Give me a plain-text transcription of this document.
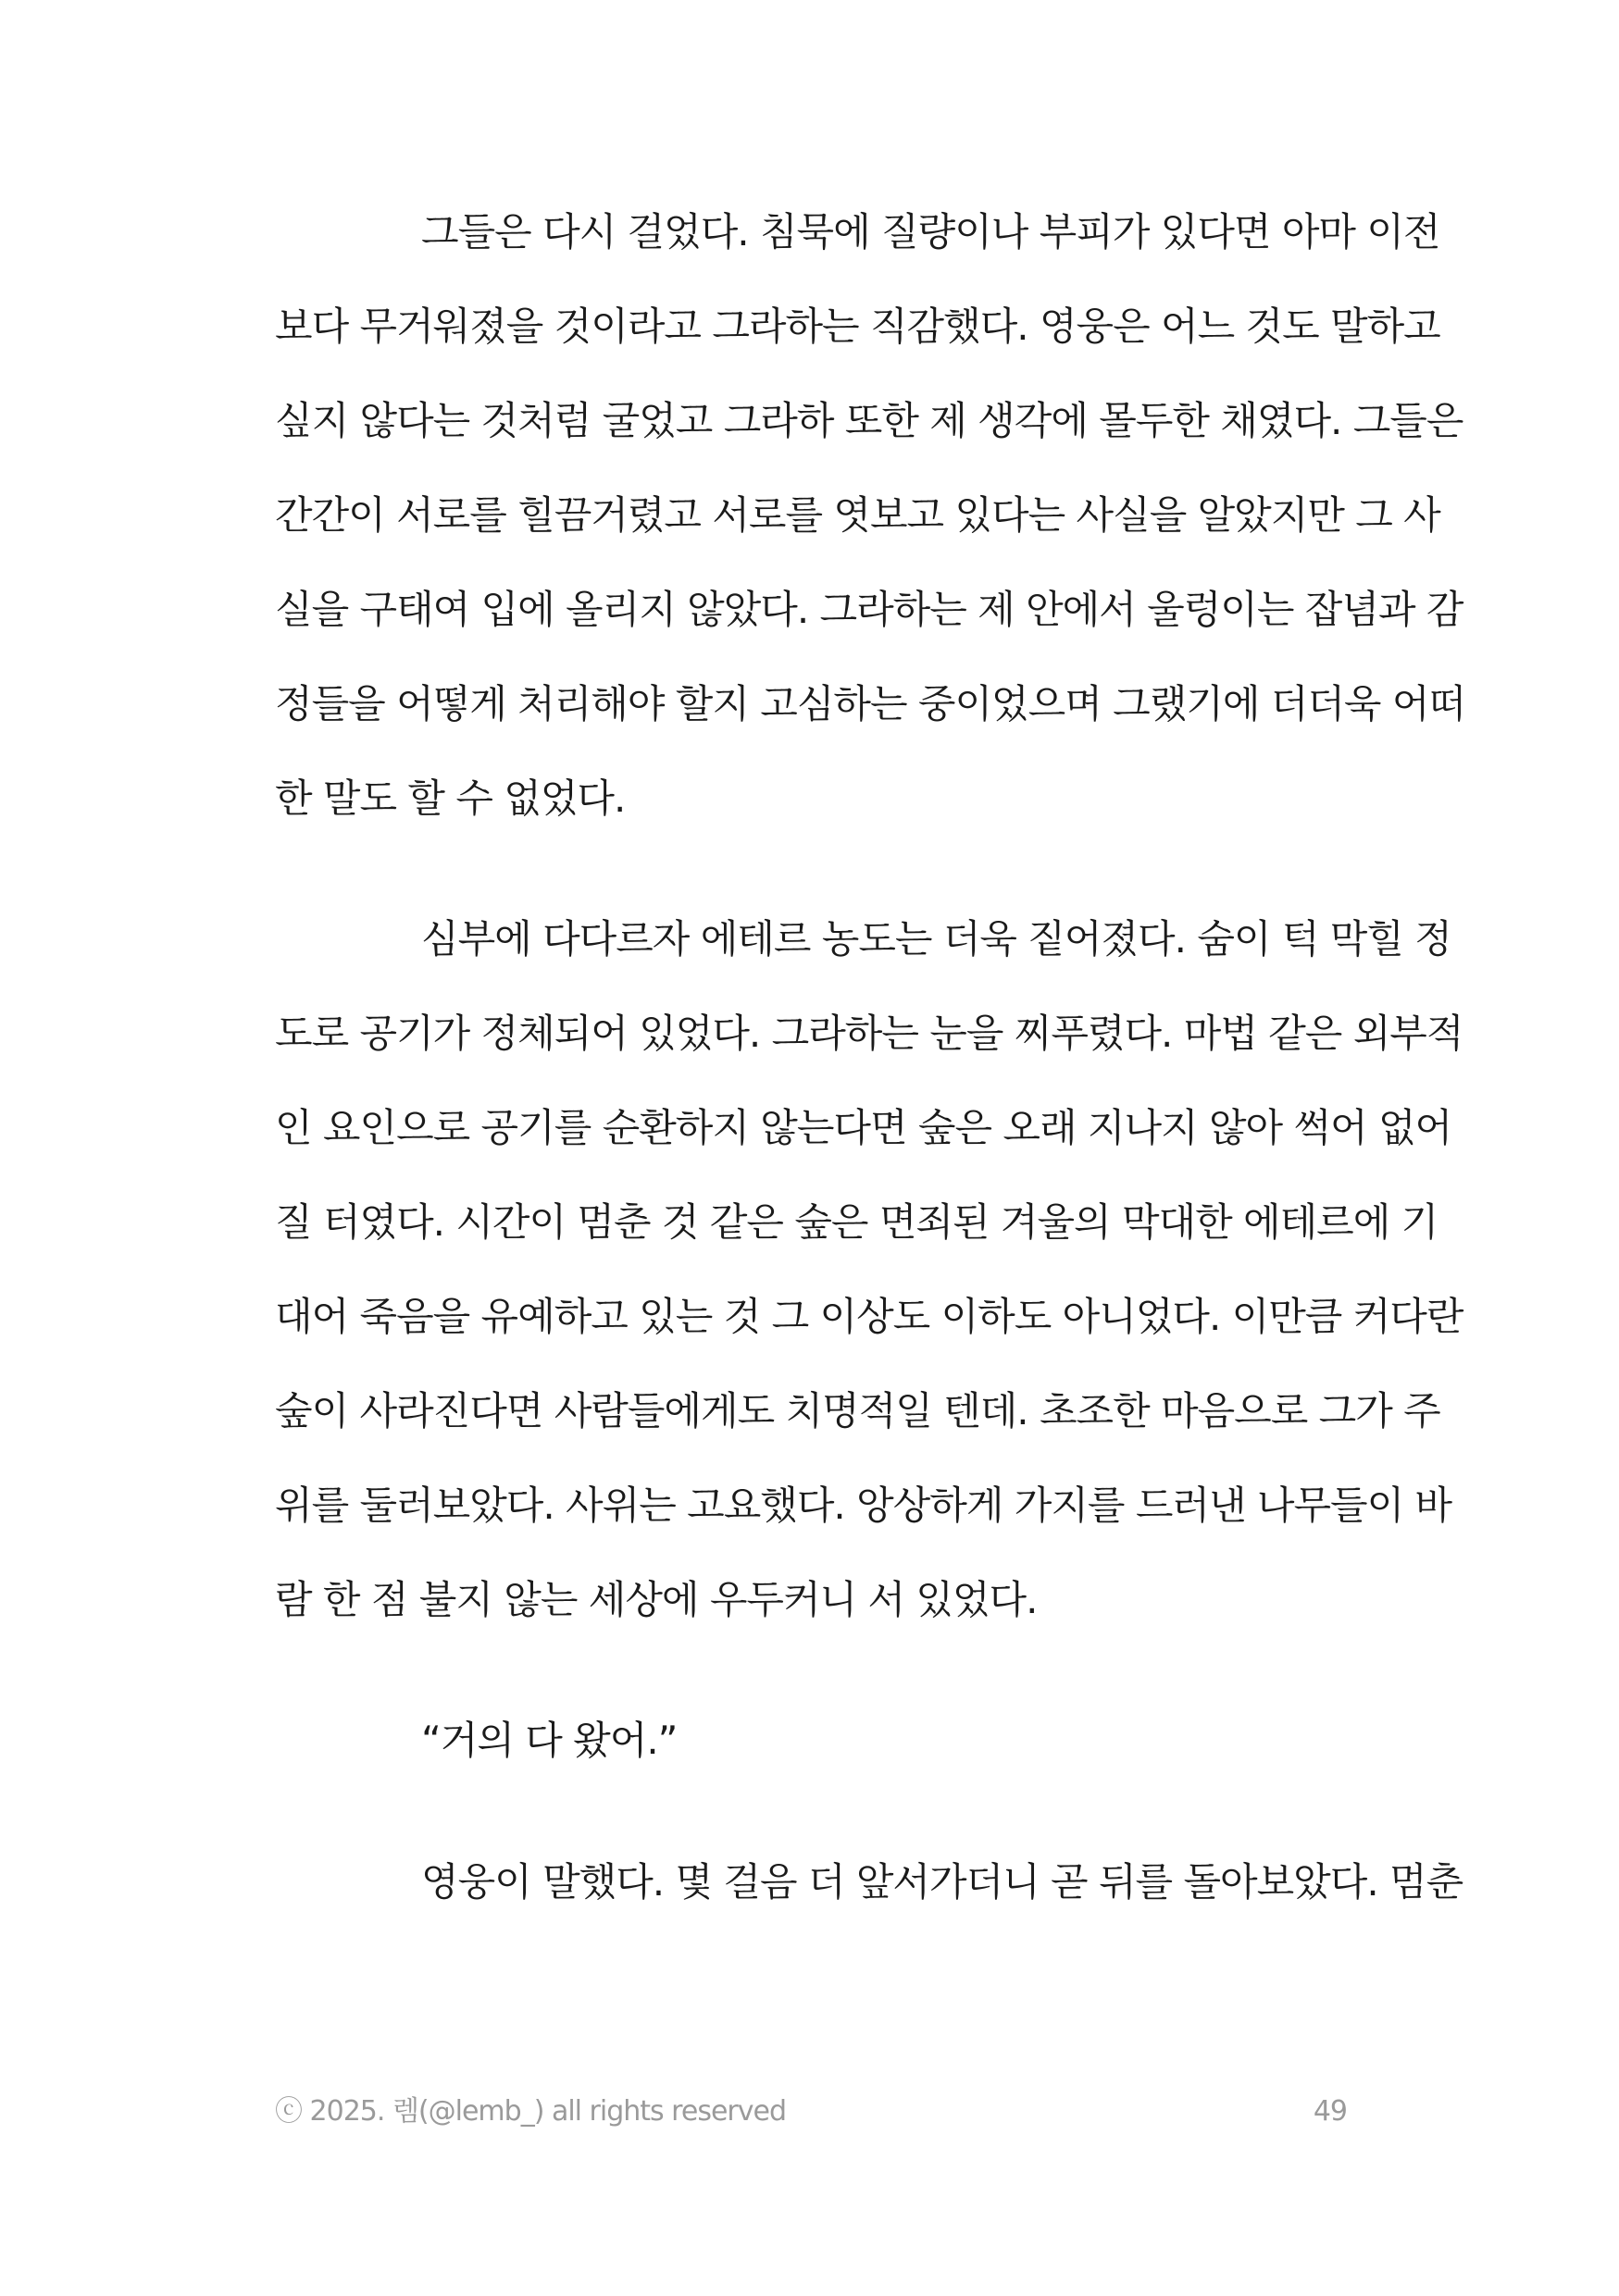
그들은 다시 걸었다. 침묵에 질량이나 부피가 있다면 아마 이전
보다 무거워졌을 것이라고 그라하는 직감했다. 영웅은 어느 것도 말하고
싶지 않다는 것처럼 굴었고 그라하 또한 제 생각에 몰두한 채였다. 그들은
간간이 서로를 힐끔거렸고 서로를 엿보고 있다는 사실을 알았지만 그 사
실을 구태여 입에 올리지 않았다. 그라하는 제 안에서 울렁이는 잡념과 감
정들을 어떻게 처리해야 할지 고심하는 중이었으며 그랬기에 더더욱 어떠
한 말도 할 수 없었다.
심부에 다다르자 에테르 농도는 더욱 짙어졌다. 숨이 턱 막힐 정
도로 공기가 정체되어 있었다. 그라하는 눈을 찌푸렸다. 마법 같은 외부적
인 요인으로 공기를 순환하지 않는다면 숲은 오래 지나지 않아 썩어 없어
질 터였다. 시간이 멈춘 것 같은 숲은 면죄된 겨울의 막대한 에테르에 기
대어 죽음을 유예하고 있는 것 그 이상도 이하도 아니었다. 이만큼 커다란
숲이 사라진다면 사람들에게도 치명적일 텐데. 초조한 마음으로 그가 주
위를 둘러보았다. 사위는 고요했다. 앙상하게 가지를 드러낸 나무들이 바
람 한 점 불지 않는 세상에 우두커니 서 있었다.
“거의 다 왔어.”
영웅이 말했다. 몇 걸음 더 앞서가더니 곧 뒤를 돌아보았다. 멈춘
ⓒ 2025. 렘(@lemb_) all rights reserved	49
